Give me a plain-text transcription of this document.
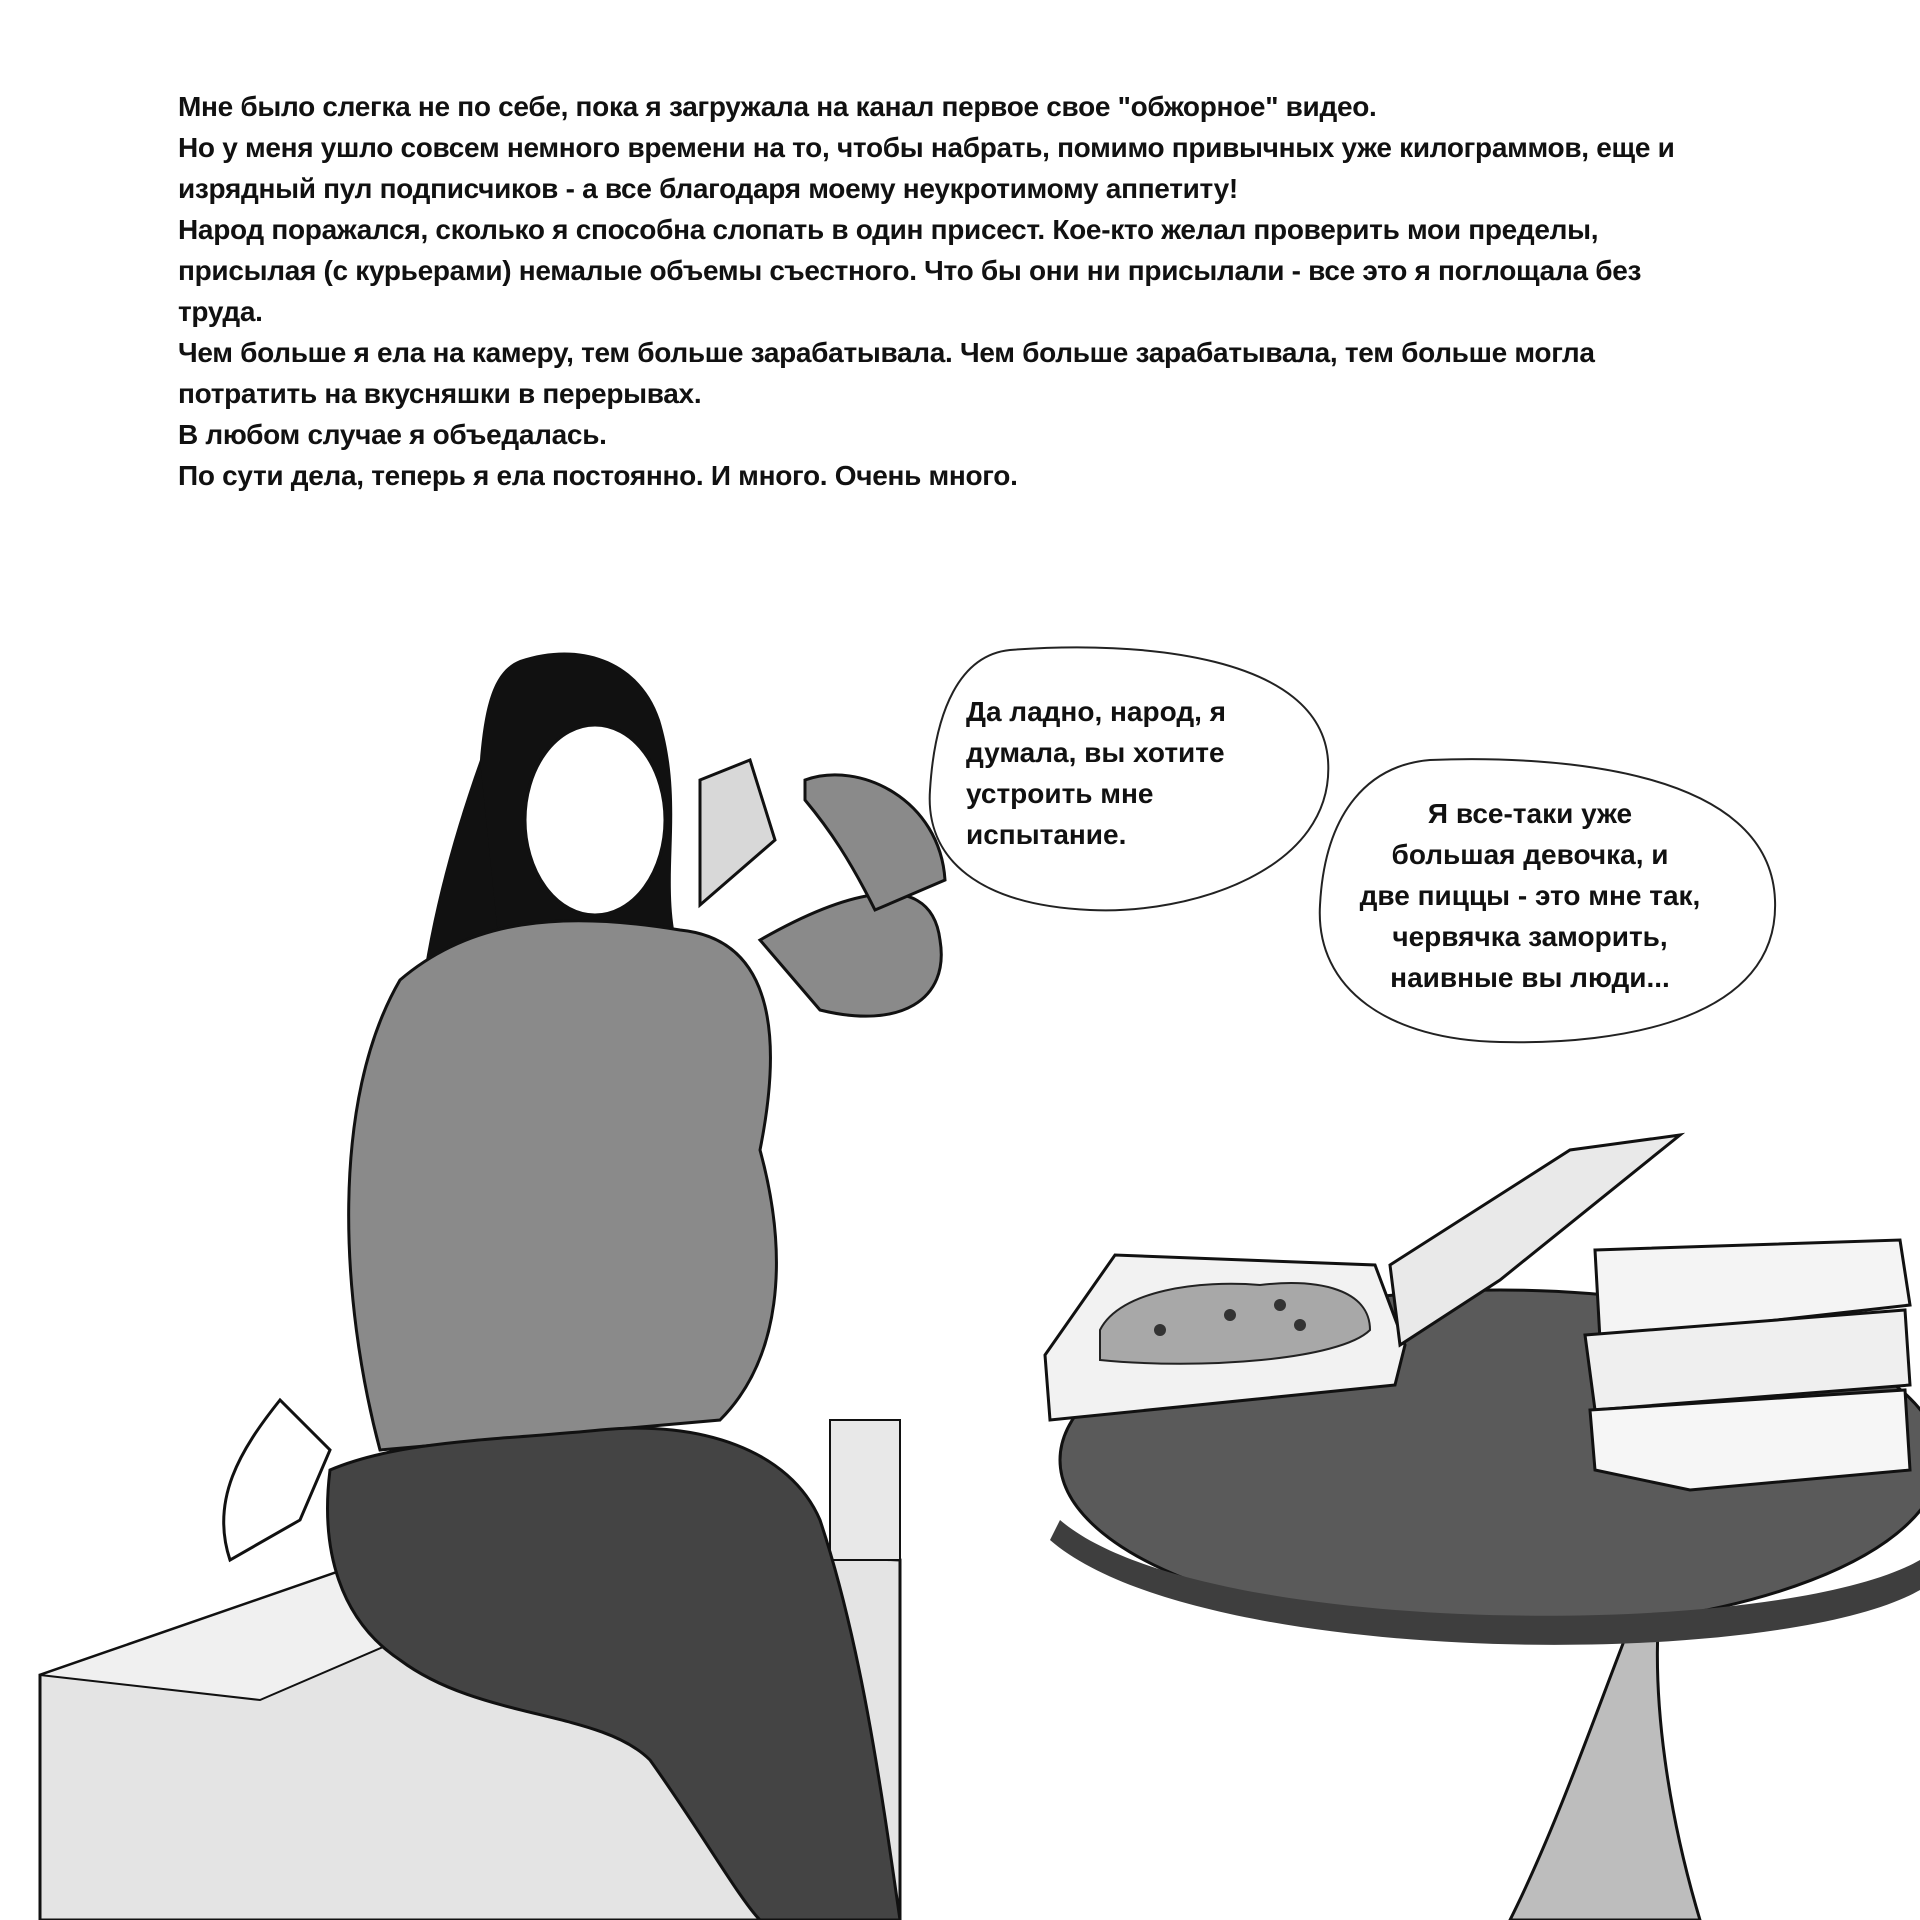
Мне было слегка не по себе, пока я загружала на канал первое свое "обжорное" видео.
Но у меня ушло совсем немного времени на то, чтобы набрать, помимо привычных уже килограммов, еще и
изрядный пул подписчиков - а все благодаря моему неукротимому аппетиту!
Народ поражался, сколько я способна слопать в один присест. Кое-кто желал проверить мои пределы,
присылая (с курьерами) немалые объемы съестного. Что бы они ни присылали - все это я поглощала без
труда.
Чем больше я ела на камеру, тем больше зарабатывала. Чем больше зарабатывала, тем больше могла
потратить на вкусняшки в перерывах.
В любом случае я объедалась.
По сути дела, теперь я ела постоянно. И много. Очень много.
Да ладно, народ, я
думала, вы хотите
устроить мне
испытание.
Я все-таки уже
большая девочка, и
две пиццы - это мне так,
червячка заморить,
наивные вы люди...
